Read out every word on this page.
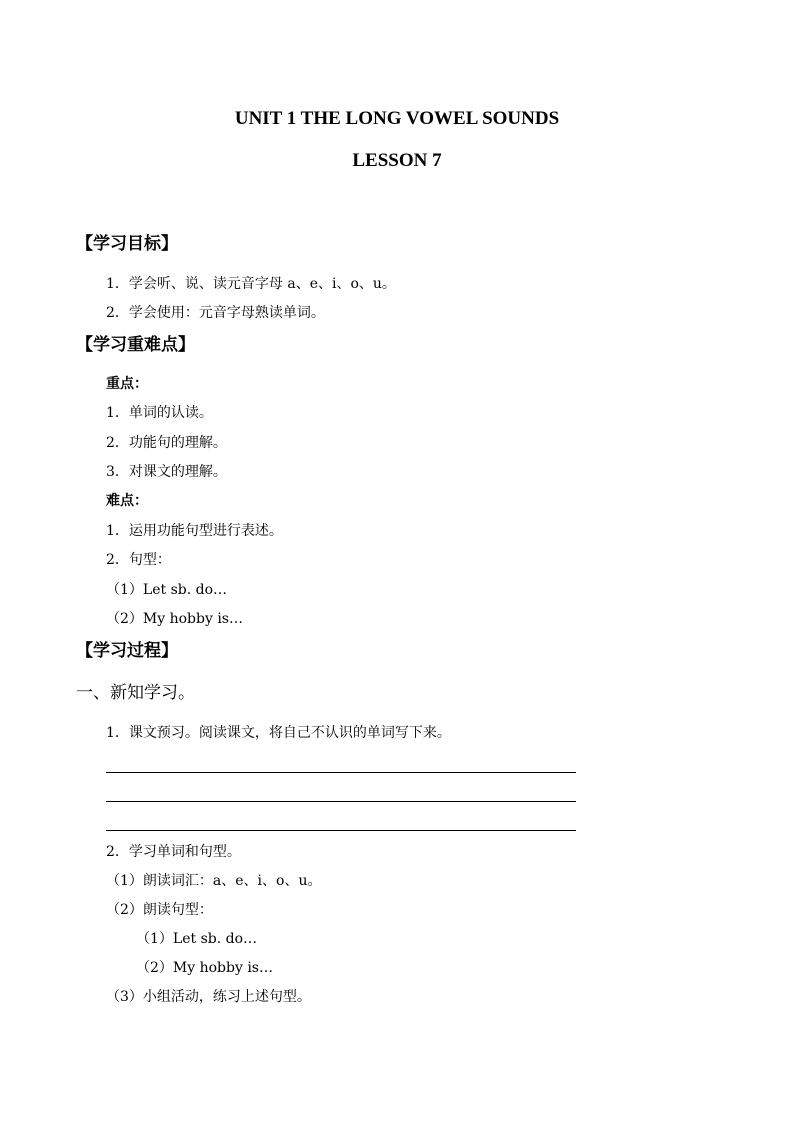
UNIT 1 THE LONG VOWEL SOUNDS
LESSON 7
【学习目标】
1．学会听、说、读元音字母 a、e、i、o、u。
2．学会使用：元音字母熟读单词。
【学习重难点】
重点：
1．单词的认读。
2．功能句的理解。
3．对课文的理解。
难点：
1．运用功能句型进行表述。
2．句型：
（1）Let sb. do…
（2）My hobby is…
【学习过程】
一、新知学习。
1．课文预习。阅读课文，将自己不认识的单词写下来。
2．学习单词和句型。
（1）朗读词汇：a、e、i、o、u。
（2）朗读句型：
（1）Let sb. do…
（2）My hobby is…
（3）小组活动，练习上述句型。
